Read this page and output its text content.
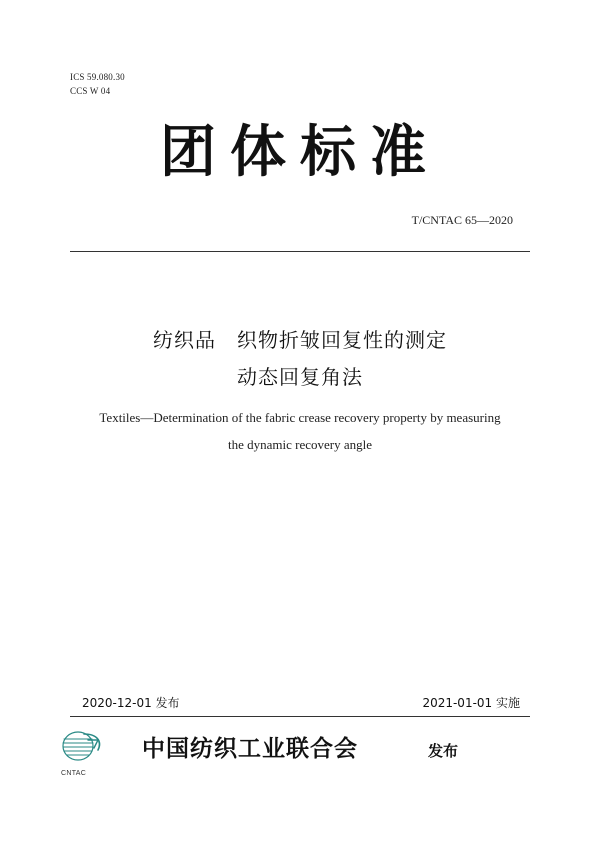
ICS 59.080.30
CCS W 04
团体标准
T/CNTAC 65—2020
纺织品　织物折皱回复性的测定
动态回复角法
Textiles—Determination of the fabric crease recovery property by measuring
the dynamic recovery angle
2020-12-01 发布	2021-01-01 实施
CNTAC
中国纺织工业联合会	发布
